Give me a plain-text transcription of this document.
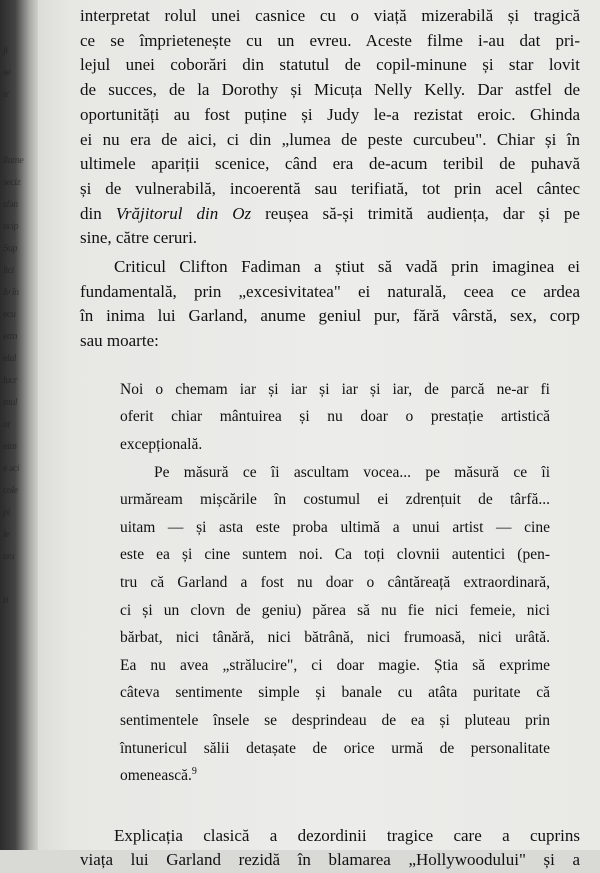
ji
se
n'

ilume
seciz
sfan
ncip
Sup
lici
fe în
ecu
erm
elul
lucr
mul
ut
eim
e aci
cole
pi
le
ura

ri
interpretat rolul unei casnice cu o viață mizerabilă și tragică
ce se împrietenește cu un evreu. Aceste filme i-au dat pri-
lejul unei coborări din statutul de copil-minune și star lovit
de succes, de la Dorothy și Micuța Nelly Kelly. Dar astfel de
oportunități au fost puține și Judy le-a rezistat eroic. Ghinda
ei nu era de aici, ci din „lumea de peste curcubeu". Chiar și în
ultimele apariții scenice, când era de-acum teribil de puhavă
și de vulnerabilă, incoerentă sau terifiată, tot prin acel cântec
din Vrăjitorul din Oz reușea să-și trimită audiența, dar și pe
sine, către ceruri.
Criticul Clifton Fadiman a știut să vadă prin imaginea ei
fundamentală, prin „excesivitatea" ei naturală, ceea ce ardea
în inima lui Garland, anume geniul pur, fără vârstă, sex, corp
sau moarte:

Noi o chemam iar și iar și iar și iar, de parcă ne-ar fi
oferit chiar mântuirea și nu doar o prestație artistică
excepțională.

Pe măsură ce îi ascultam vocea... pe măsură ce îi
urmăream mișcările în costumul ei zdrențuit de târfă...
uitam — și asta este proba ultimă a unui artist — cine
este ea și cine suntem noi. Ca toți clovnii autentici (pen-
tru că Garland a fost nu doar o cântăreață extraordinară,
ci și un clovn de geniu) părea să nu fie nici femeie, nici
bărbat, nici tânără, nici bătrână, nici frumoasă, nici urâtă.
Ea nu avea „strălucire", ci doar magie. Știa să exprime
câteva sentimente simple și banale cu atâta puritate că
sentimentele însele se desprindeau de ea și pluteau prin
întunericul sălii detașate de orice urmă de personalitate
omenească.$^9$

Explicația clasică a dezordinii tragice care a cuprins
viața lui Garland rezidă în blamarea „Hollywoodului" și a
